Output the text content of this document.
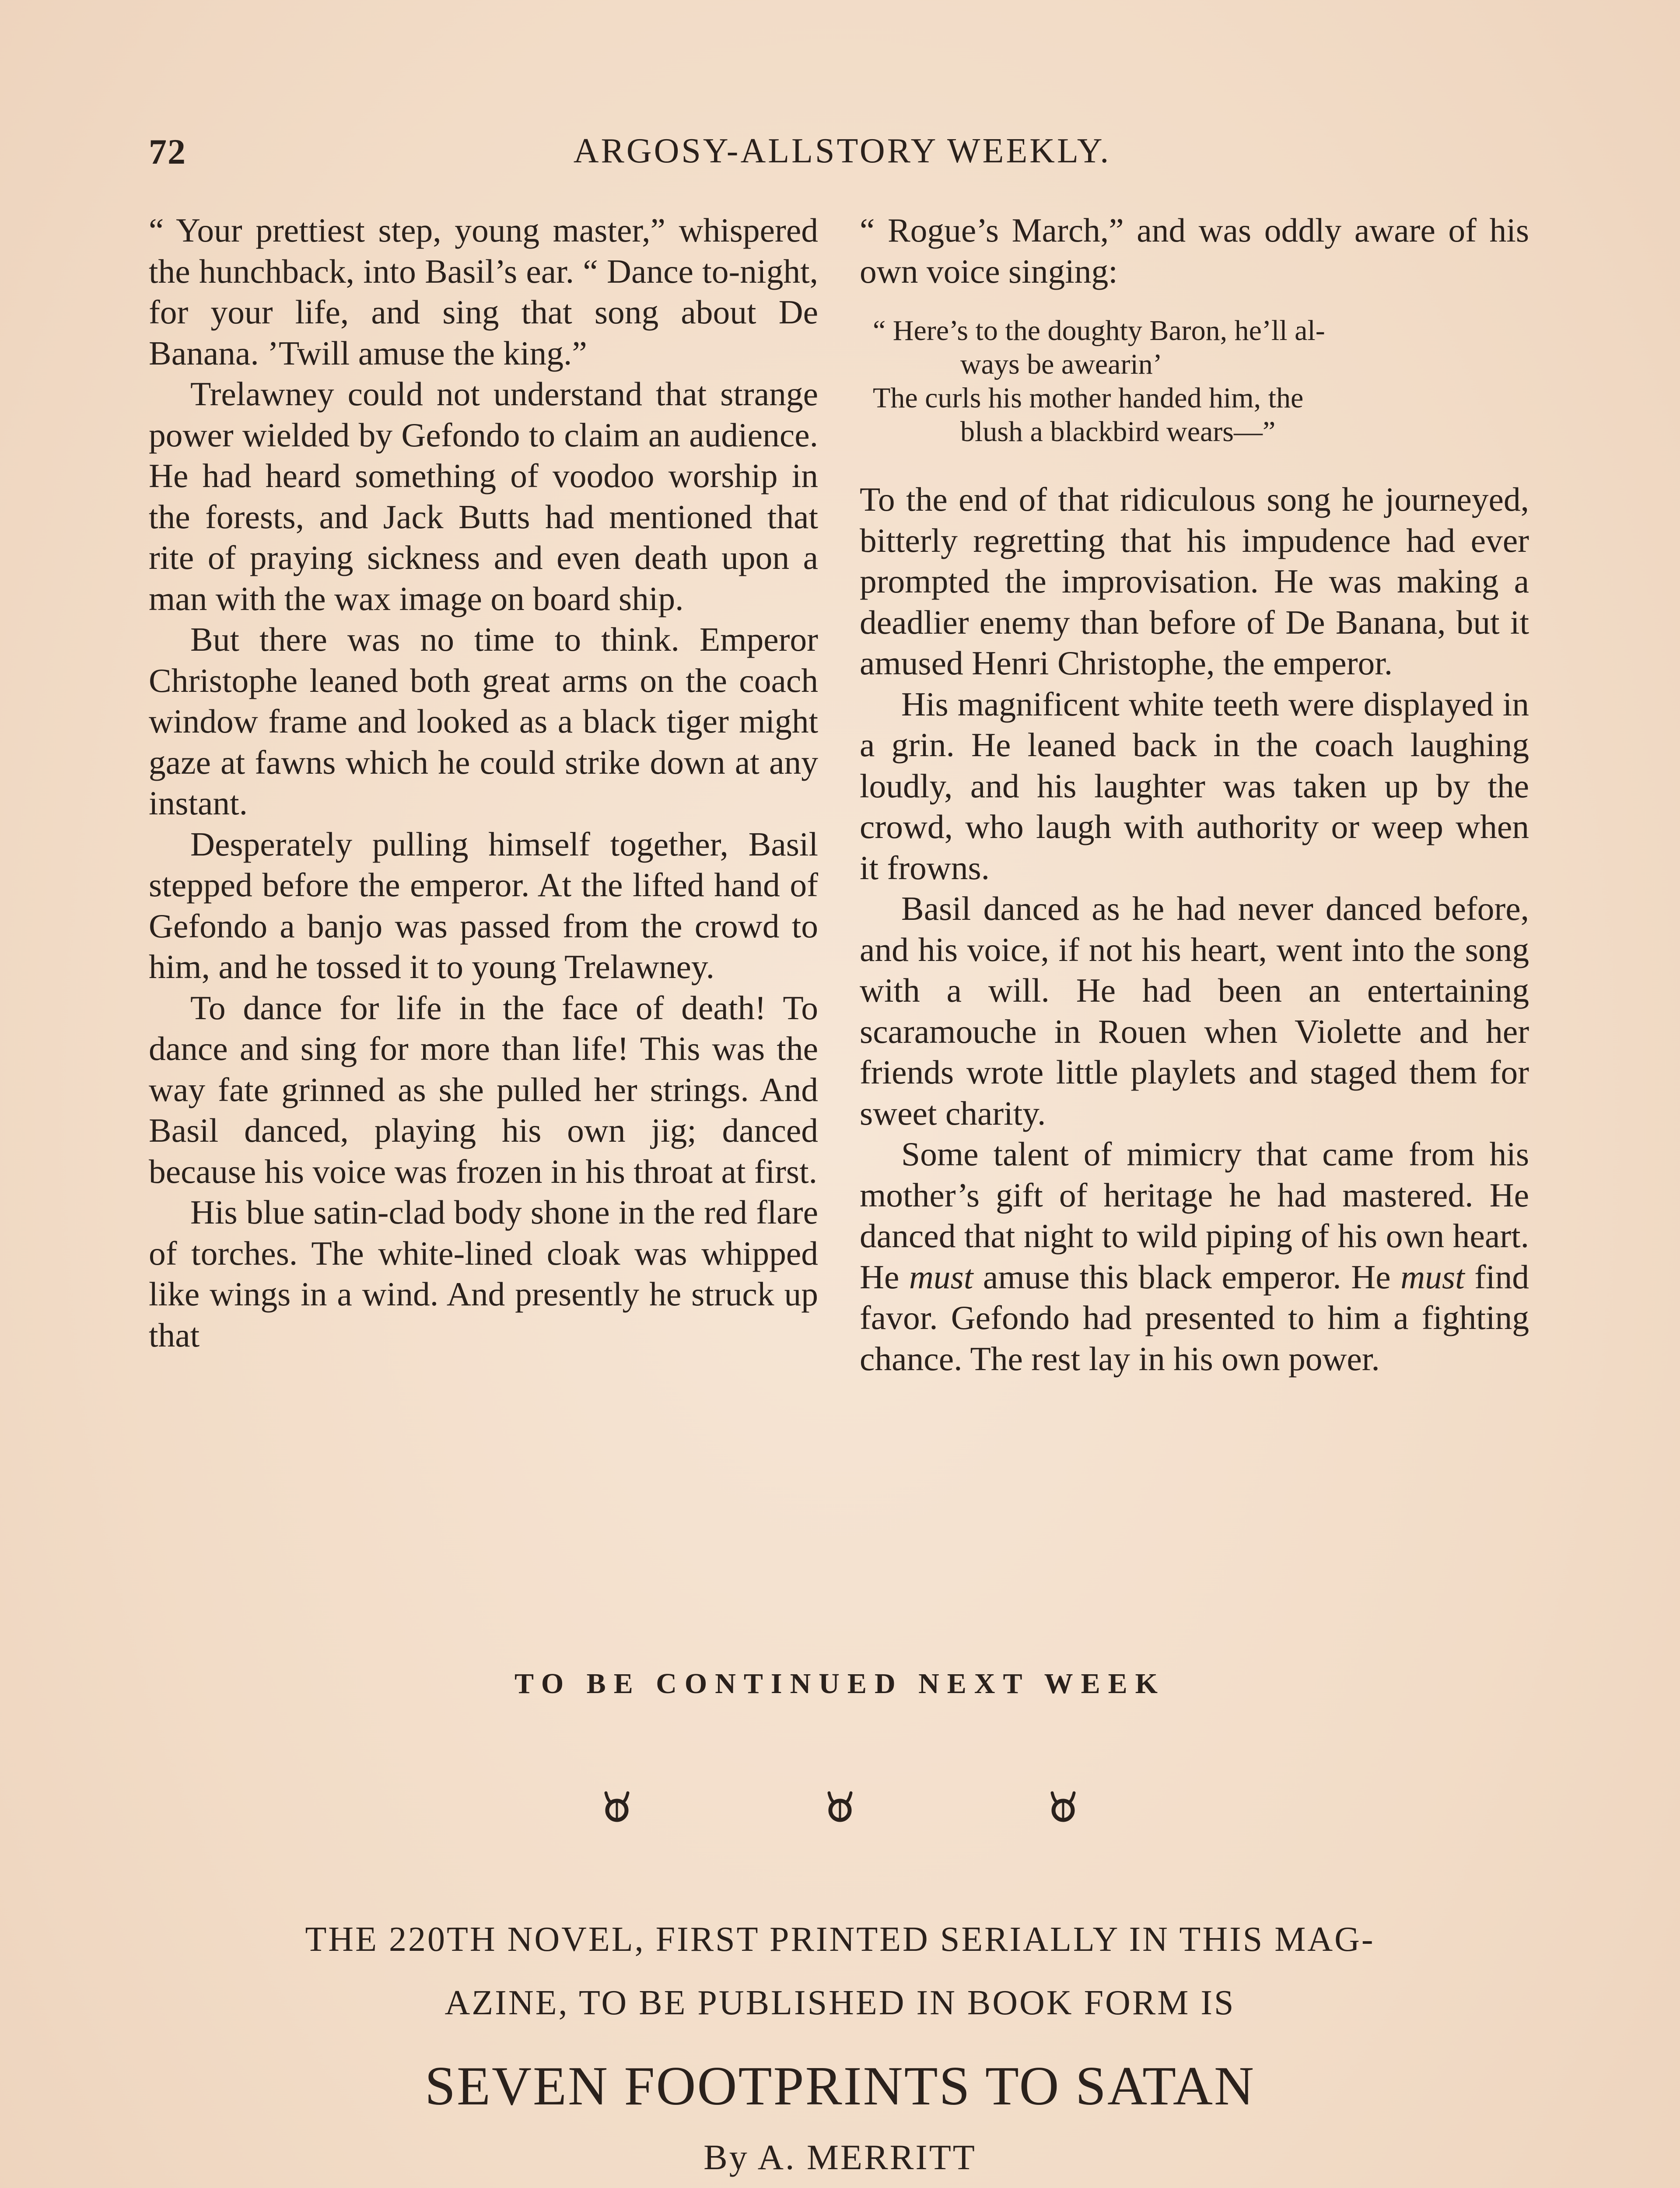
72	ARGOSY-ALLSTORY WEEKLY.

“ Your prettiest step, young master,” whispered the hunchback, into Basil’s ear. “ Dance to-night, for your life, and sing that song about De Banana. ’Twill amuse the king.”

Trelawney could not understand that strange power wielded by Gefondo to claim an audience. He had heard something of voodoo worship in the forests, and Jack Butts had mentioned that rite of praying sickness and even death upon a man with the wax image on board ship.

But there was no time to think. Emperor Christophe leaned both great arms on the coach window frame and looked as a black tiger might gaze at fawns which he could strike down at any instant.

Desperately pulling himself together, Basil stepped before the emperor. At the lifted hand of Gefondo a banjo was passed from the crowd to him, and he tossed it to young Trelawney.

To dance for life in the face of death! To dance and sing for more than life! This was the way fate grinned as she pulled her strings. And Basil danced, playing his own jig; danced because his voice was frozen in his throat at first.

His blue satin-clad body shone in the red flare of torches. The white-lined cloak was whipped like wings in a wind. And presently he struck up that

“ Rogue’s March,” and was oddly aware of his own voice singing:

“ Here’s to the doughty Baron, he’ll al-
ways be awearin’
The curls his mother handed him, the
blush a blackbird wears—”

To the end of that ridiculous song he journeyed, bitterly regretting that his impudence had ever prompted the improvisation. He was making a deadlier enemy than before of De Banana, but it amused Henri Christophe, the emperor.

His magnificent white teeth were displayed in a grin. He leaned back in the coach laughing loudly, and his laughter was taken up by the crowd, who laugh with authority or weep when it frowns.

Basil danced as he had never danced before, and his voice, if not his heart, went into the song with a will. He had been an entertaining scaramouche in Rouen when Violette and her friends wrote little playlets and staged them for sweet charity.

Some talent of mimicry that came from his mother’s gift of heritage he had mastered. He danced that night to wild piping of his own heart. He must amuse this black emperor. He must find favor. Gefondo had presented to him a fighting chance. The rest lay in his own power.

TO BE CONTINUED NEXT WEEK
THE 220TH NOVEL, FIRST PRINTED SERIALLY IN THIS MAG-
AZINE, TO BE PUBLISHED IN BOOK FORM IS
SEVEN FOOTPRINTS TO SATAN
By A. MERRITT
